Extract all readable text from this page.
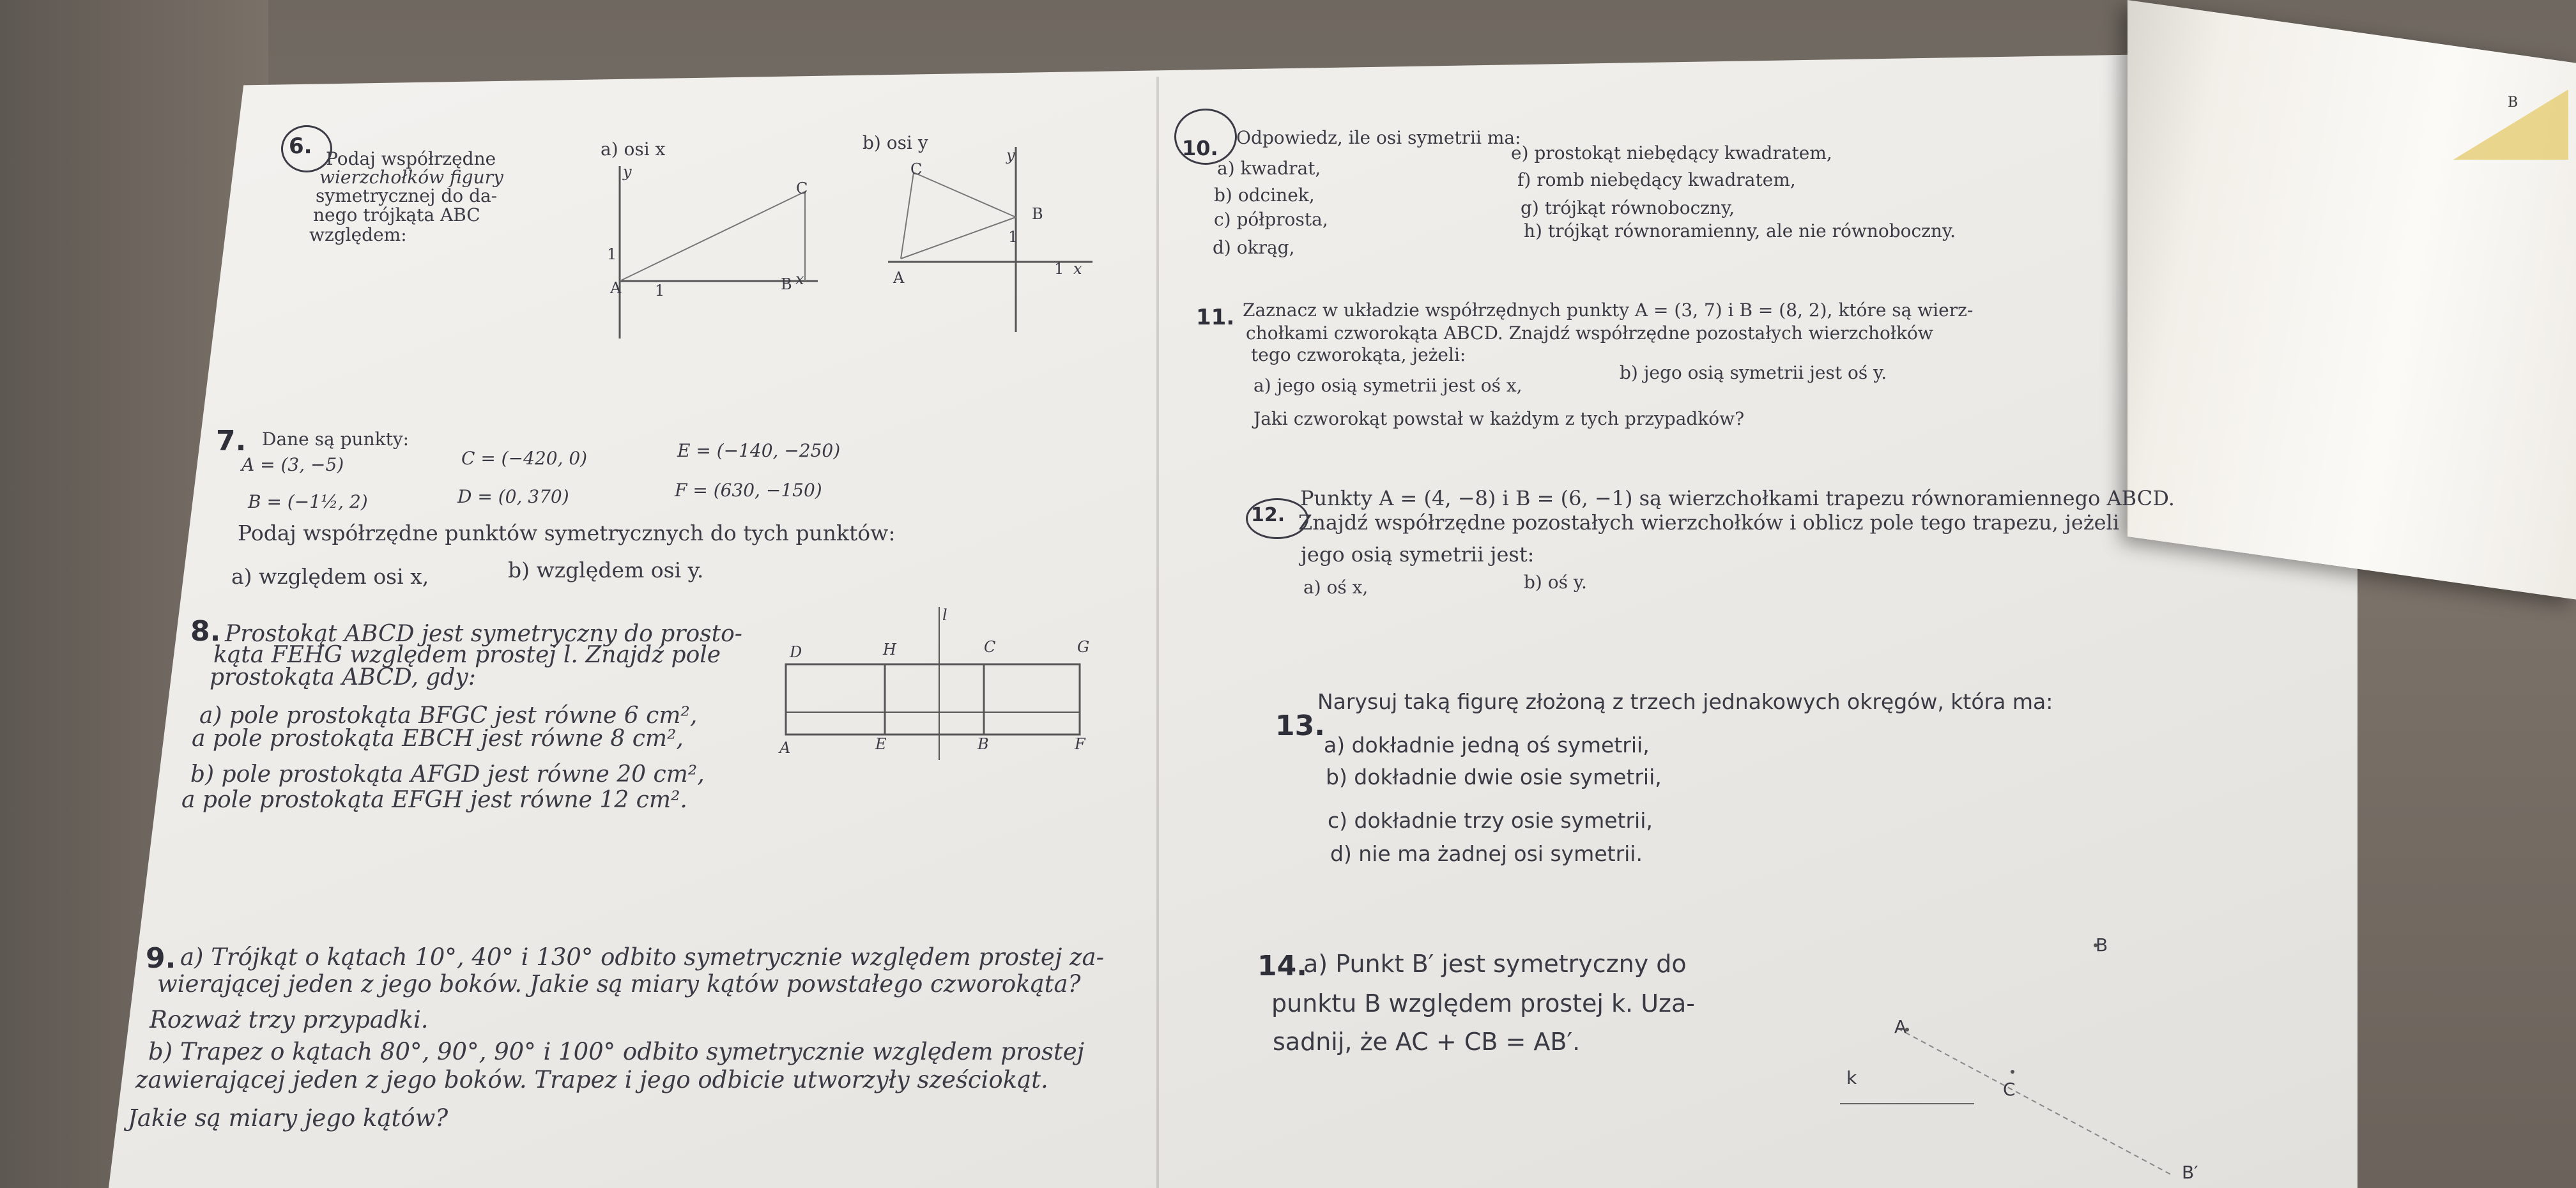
B
6. Podaj współrzędne
wierzchołków figury
symetrycznej do da-
nego trójkąta ABC
względem:
a) osi x
y
x
A	B
C
1
1
b) osi y
y
x
A
B
C
1
1
7. Dane są punkty:
A = (3, −5)	C = (−420, 0)	E = (−140, −250)
B = (−1½, 2)	D = (0, 370)	F = (630, −150)
Podaj współrzędne punktów symetrycznych do tych punktów:
a) względem osi x,	b) względem osi y.
8. Prostokąt ABCD jest symetryczny do prosto-
kąta FEHG względem prostej l. Znajdź pole
prostokąta ABCD, gdy:
a) pole prostokąta BFGC jest równe 6 cm²,
a pole prostokąta EBCH jest równe 8 cm²,
b) pole prostokąta AFGD jest równe 20 cm²,
a pole prostokąta EFGH jest równe 12 cm².
l
D	H	C	G
A	E	B	F
9. a) Trójkąt o kątach 10°, 40° i 130° odbito symetrycznie względem prostej za-
wierającej jeden z jego boków. Jakie są miary kątów powstałego czworokąta?
Rozważ trzy przypadki.
b) Trapez o kątach 80°, 90°, 90° i 100° odbito symetrycznie względem prostej
zawierającej jeden z jego boków. Trapez i jego odbicie utworzyły sześciokąt.
Jakie są miary jego kątów?
10. Odpowiedz, ile osi symetrii ma:
a) kwadrat,
b) odcinek,
c) półprosta,
d) okrąg,
e) prostokąt niebędący kwadratem,
f) romb niebędący kwadratem,
g) trójkąt równoboczny,
h) trójkąt równoramienny, ale nie równoboczny.
11. Zaznacz w układzie współrzędnych punkty A = (3, 7) i B = (8, 2), które są wierz-
chołkami czworokąta ABCD. Znajdź współrzędne pozostałych wierzchołków
tego czworokąta, jeżeli:
a) jego osią symetrii jest oś x,
b) jego osią symetrii jest oś y.
Jaki czworokąt powstał w każdym z tych przypadków?
12.
Punkty A = (4, −8) i B = (6, −1) są wierzchołkami trapezu równoramiennego ABCD.
Znajdź współrzędne pozostałych wierzchołków i oblicz pole tego trapezu, jeżeli
jego osią symetrii jest:
a) oś x,	b) oś y.
13.
Narysuj taką figurę złożoną z trzech jednakowych okręgów, która ma:
a) dokładnie jedną oś symetrii,
b) dokładnie dwie osie symetrii,
c) dokładnie trzy osie symetrii,
d) nie ma żadnej osi symetrii.
14.
a) Punkt B′ jest symetryczny do
punktu B względem prostej k. Uza-
sadnij, że AC + CB = AB′.
B
A
k
C
B′
